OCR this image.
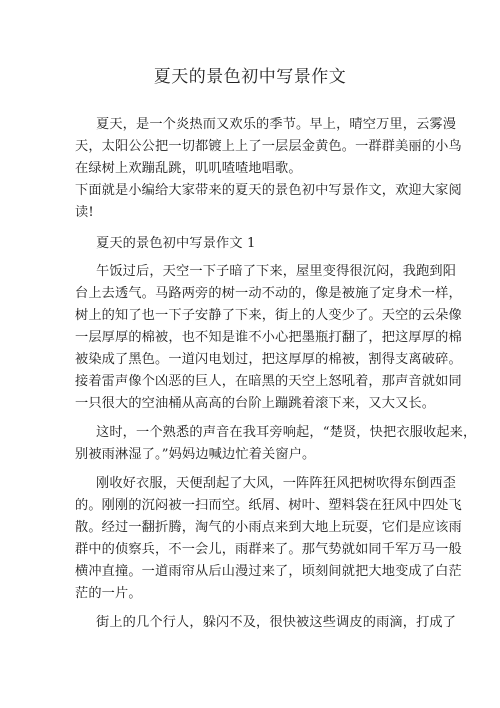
夏天的景色初中写景作文
夏天，是一个炎热而又欢乐的季节。早上，晴空万里，云雾漫
天，太阳公公把一切都镀上上了一层层金黄色。一群群美丽的小鸟
在绿树上欢蹦乱跳，叽叽喳喳地唱歌。
下面就是小编给大家带来的夏天的景色初中写景作文，欢迎大家阅
读!
夏天的景色初中写景作文 1
午饭过后，天空一下子暗了下来，屋里变得很沉闷，我跑到阳
台上去透气。马路两旁的树一动不动的，像是被施了定身术一样，
树上的知了也一下子安静了下来，街上的人变少了。天空的云朵像
一层厚厚的棉被，也不知是谁不小心把墨瓶打翻了，把这厚厚的棉
被染成了黑色。一道闪电划过，把这厚厚的棉被，割得支离破碎。
接着雷声像个凶恶的巨人，在暗黑的天空上怒吼着，那声音就如同
一只很大的空油桶从高高的台阶上蹦跳着滚下来，又大又长。
这时，一个熟悉的声音在我耳旁响起，“楚贤，快把衣服收起来，
别被雨淋湿了。”妈妈边喊边忙着关窗户。
刚收好衣服，天便刮起了大风，一阵阵狂风把树吹得东倒西歪
的。刚刚的沉闷被一扫而空。纸屑、树叶、塑料袋在狂风中四处飞
散。经过一翻折腾，淘气的小雨点来到大地上玩耍，它们是应该雨
群中的侦察兵，不一会儿，雨群来了。那气势就如同千军万马一般
横冲直撞。一道雨帘从后山漫过来了，顷刻间就把大地变成了白茫
茫的一片。
街上的几个行人，躲闪不及，很快被这些调皮的雨滴，打成了
